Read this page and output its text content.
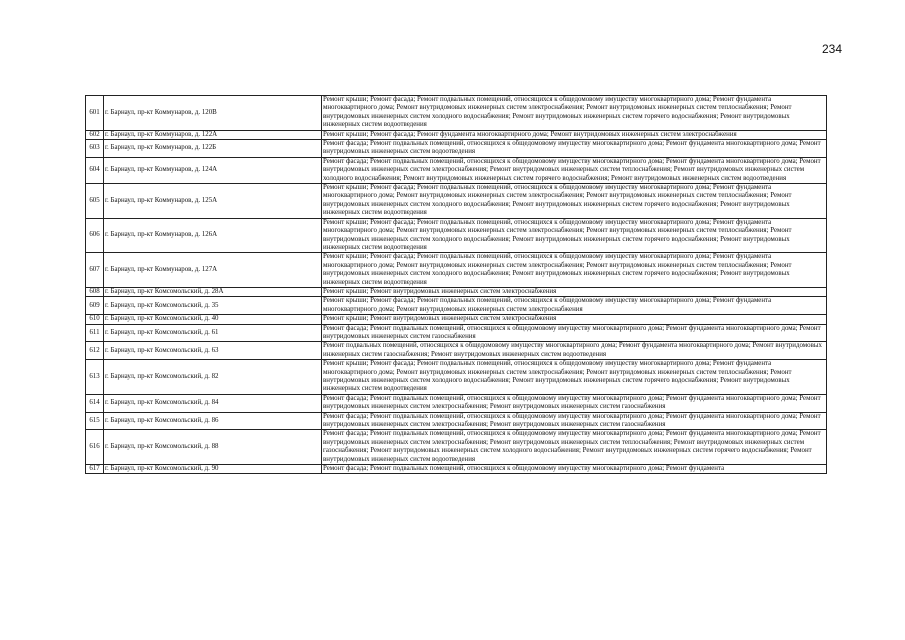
234
601	г. Барнаул, пр-кт Коммунаров, д. 120В	Ремонт крыши; Ремонт фасада; Ремонт подвальных помещений, относящихся к общедомовому имуществу многоквартирного дома; Ремонт фундамента многоквартирного дома; Ремонт внутридомовых инженерных систем электроснабжения; Ремонт внутридомовых инженерных систем теплоснабжения; Ремонт внутридомовых инженерных систем холодного водоснабжения; Ремонт внутридомовых инженерных систем горячего водоснабжения; Ремонт внутридомовых инженерных систем водоотведения
602	г. Барнаул, пр-кт Коммунаров, д. 122А	Ремонт крыши; Ремонт фасада; Ремонт фундамента многоквартирного дома; Ремонт внутридомовых инженерных систем электроснабжения
603	г. Барнаул, пр-кт Коммунаров, д. 122Б	Ремонт фасада; Ремонт подвальных помещений, относящихся к общедомовому имуществу многоквартирного дома; Ремонт фундамента многоквартирного дома; Ремонт внутридомовых инженерных систем водоотведения
604	г. Барнаул, пр-кт Коммунаров, д. 124А	Ремонт фасада; Ремонт подвальных помещений, относящихся к общедомовому имуществу многоквартирного дома; Ремонт фундамента многоквартирного дома; Ремонт внутридомовых инженерных систем электроснабжения; Ремонт внутридомовых инженерных систем теплоснабжения; Ремонт внутридомовых инженерных систем холодного водоснабжения; Ремонт внутридомовых инженерных систем горячего водоснабжения; Ремонт внутридомовых инженерных систем водоотведения
605	г. Барнаул, пр-кт Коммунаров, д. 125А	Ремонт крыши; Ремонт фасада; Ремонт подвальных помещений, относящихся к общедомовому имуществу многоквартирного дома; Ремонт фундамента многоквартирного дома; Ремонт внутридомовых инженерных систем электроснабжения; Ремонт внутридомовых инженерных систем теплоснабжения; Ремонт внутридомовых инженерных систем холодного водоснабжения; Ремонт внутридомовых инженерных систем горячего водоснабжения; Ремонт внутридомовых инженерных систем водоотведения
606	г. Барнаул, пр-кт Коммунаров, д. 126А	Ремонт крыши; Ремонт фасада; Ремонт подвальных помещений, относящихся к общедомовому имуществу многоквартирного дома; Ремонт фундамента многоквартирного дома; Ремонт внутридомовых инженерных систем электроснабжения; Ремонт внутридомовых инженерных систем теплоснабжения; Ремонт внутридомовых инженерных систем холодного водоснабжения; Ремонт внутридомовых инженерных систем горячего водоснабжения; Ремонт внутридомовых инженерных систем водоотведения
607	г. Барнаул, пр-кт Коммунаров, д. 127А	Ремонт крыши; Ремонт фасада; Ремонт подвальных помещений, относящихся к общедомовому имуществу многоквартирного дома; Ремонт фундамента многоквартирного дома; Ремонт внутридомовых инженерных систем электроснабжения; Ремонт внутридомовых инженерных систем теплоснабжения; Ремонт внутридомовых инженерных систем холодного водоснабжения; Ремонт внутридомовых инженерных систем горячего водоснабжения; Ремонт внутридомовых инженерных систем водоотведения
608	г. Барнаул, пр-кт Комсомольский, д. 28А	Ремонт крыши; Ремонт внутридомовых инженерных систем электроснабжения
609	г. Барнаул, пр-кт Комсомольский, д. 35	Ремонт крыши; Ремонт фасада; Ремонт подвальных помещений, относящихся к общедомовому имуществу многоквартирного дома; Ремонт фундамента многоквартирного дома; Ремонт внутридомовых инженерных систем электроснабжения
610	г. Барнаул, пр-кт Комсомольский, д. 40	Ремонт крыши; Ремонт внутридомовых инженерных систем электроснабжения
611	г. Барнаул, пр-кт Комсомольский, д. 61	Ремонт фасада; Ремонт подвальных помещений, относящихся к общедомовому имуществу многоквартирного дома; Ремонт фундамента многоквартирного дома; Ремонт внутридомовых инженерных систем газоснабжения
612	г. Барнаул, пр-кт Комсомольский, д. 63	Ремонт подвальных помещений, относящихся к общедомовому имуществу многоквартирного дома; Ремонт фундамента многоквартирного дома; Ремонт внутридомовых инженерных систем газоснабжения; Ремонт внутридомовых инженерных систем водоотведения
613	г. Барнаул, пр-кт Комсомольский, д. 82	Ремонт крыши; Ремонт фасада; Ремонт подвальных помещений, относящихся к общедомовому имуществу многоквартирного дома; Ремонт фундамента многоквартирного дома; Ремонт внутридомовых инженерных систем электроснабжения; Ремонт внутридомовых инженерных систем теплоснабжения; Ремонт внутридомовых инженерных систем холодного водоснабжения; Ремонт внутридомовых инженерных систем горячего водоснабжения; Ремонт внутридомовых инженерных систем водоотведения
614	г. Барнаул, пр-кт Комсомольский, д. 84	Ремонт фасада; Ремонт подвальных помещений, относящихся к общедомовому имуществу многоквартирного дома; Ремонт фундамента многоквартирного дома; Ремонт внутридомовых инженерных систем электроснабжения; Ремонт внутридомовых инженерных систем газоснабжения
615	г. Барнаул, пр-кт Комсомольский, д. 86	Ремонт фасада; Ремонт подвальных помещений, относящихся к общедомовому имуществу многоквартирного дома; Ремонт фундамента многоквартирного дома; Ремонт внутридомовых инженерных систем электроснабжения; Ремонт внутридомовых инженерных систем газоснабжения
616	г. Барнаул, пр-кт Комсомольский, д. 88	Ремонт фасада; Ремонт подвальных помещений, относящихся к общедомовому имуществу многоквартирного дома; Ремонт фундамента многоквартирного дома; Ремонт внутридомовых инженерных систем электроснабжения; Ремонт внутридомовых инженерных систем теплоснабжения; Ремонт внутридомовых инженерных систем газоснабжения; Ремонт внутридомовых инженерных систем холодного водоснабжения; Ремонт внутридомовых инженерных систем горячего водоснабжения; Ремонт внутридомовых инженерных систем водоотведения
617	г. Барнаул, пр-кт Комсомольский, д. 90	Ремонт фасада; Ремонт подвальных помещений, относящихся к общедомовому имуществу многоквартирного дома; Ремонт фундамента
